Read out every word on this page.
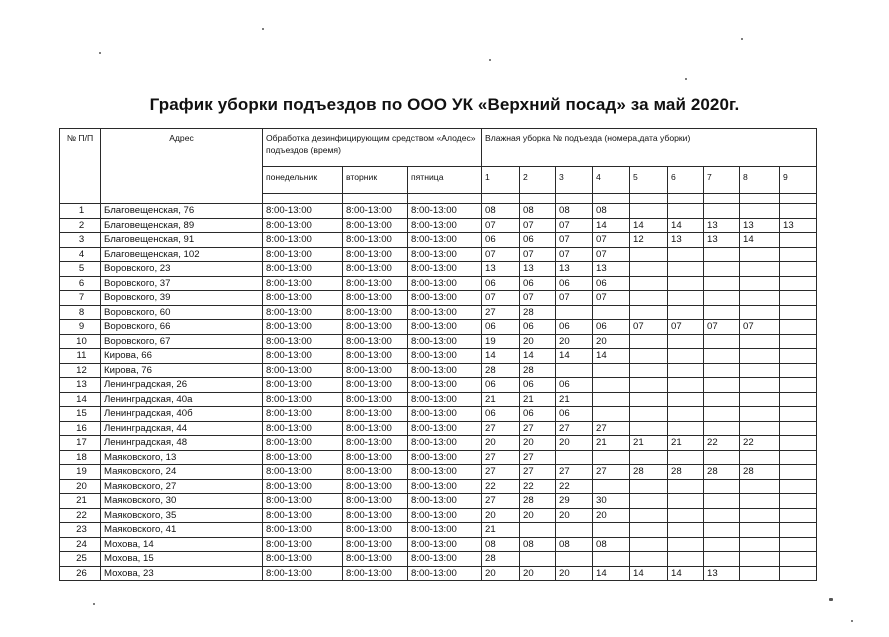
График уборки подъездов по ООО УК «Верхний посад» за май 2020г.
№ П/П	Адрес	Обработка дезинфицирующим средством «Алодес» подъездов (время)			Влажная уборка № подъезда (номера,дата уборки)								
		понедельник	вторник	пятница	1	2	3	4	5	6	7	8	9

1	Благовещенская, 76	8:00-13:00	8:00-13:00	8:00-13:00	08	08	08	08					
2	Благовещенская, 89	8:00-13:00	8:00-13:00	8:00-13:00	07	07	07	14	14	14	13	13	13
3	Благовещенская, 91	8:00-13:00	8:00-13:00	8:00-13:00	06	06	07	07	12	13	13	14	
4	Благовещенская, 102	8:00-13:00	8:00-13:00	8:00-13:00	07	07	07	07					
5	Воровского, 23	8:00-13:00	8:00-13:00	8:00-13:00	13	13	13	13					
6	Воровского, 37	8:00-13:00	8:00-13:00	8:00-13:00	06	06	06	06					
7	Воровского, 39	8:00-13:00	8:00-13:00	8:00-13:00	07	07	07	07					
8	Воровского, 60	8:00-13:00	8:00-13:00	8:00-13:00	27	28							
9	Воровского, 66	8:00-13:00	8:00-13:00	8:00-13:00	06	06	06	06	07	07	07	07	
10	Воровского, 67	8:00-13:00	8:00-13:00	8:00-13:00	19	20	20	20					
11	Кирова, 66	8:00-13:00	8:00-13:00	8:00-13:00	14	14	14	14					
12	Кирова, 76	8:00-13:00	8:00-13:00	8:00-13:00	28	28							
13	Ленинградская, 26	8:00-13:00	8:00-13:00	8:00-13:00	06	06	06						
14	Ленинградская, 40а	8:00-13:00	8:00-13:00	8:00-13:00	21	21	21						
15	Ленинградская, 40б	8:00-13:00	8:00-13:00	8:00-13:00	06	06	06						
16	Ленинградская, 44	8:00-13:00	8:00-13:00	8:00-13:00	27	27	27	27					
17	Ленинградская, 48	8:00-13:00	8:00-13:00	8:00-13:00	20	20	20	21	21	21	22	22	
18	Маяковского, 13	8:00-13:00	8:00-13:00	8:00-13:00	27	27							
19	Маяковского, 24	8:00-13:00	8:00-13:00	8:00-13:00	27	27	27	27	28	28	28	28	
20	Маяковского, 27	8:00-13:00	8:00-13:00	8:00-13:00	22	22	22						
21	Маяковского, 30	8:00-13:00	8:00-13:00	8:00-13:00	27	28	29	30					
22	Маяковского, 35	8:00-13:00	8:00-13:00	8:00-13:00	20	20	20	20					
23	Маяковского, 41	8:00-13:00	8:00-13:00	8:00-13:00	21								
24	Мохова, 14	8:00-13:00	8:00-13:00	8:00-13:00	08	08	08	08					
25	Мохова, 15	8:00-13:00	8:00-13:00	8:00-13:00	28								
26	Мохова, 23	8:00-13:00	8:00-13:00	8:00-13:00	20	20	20	14	14	14	13		
